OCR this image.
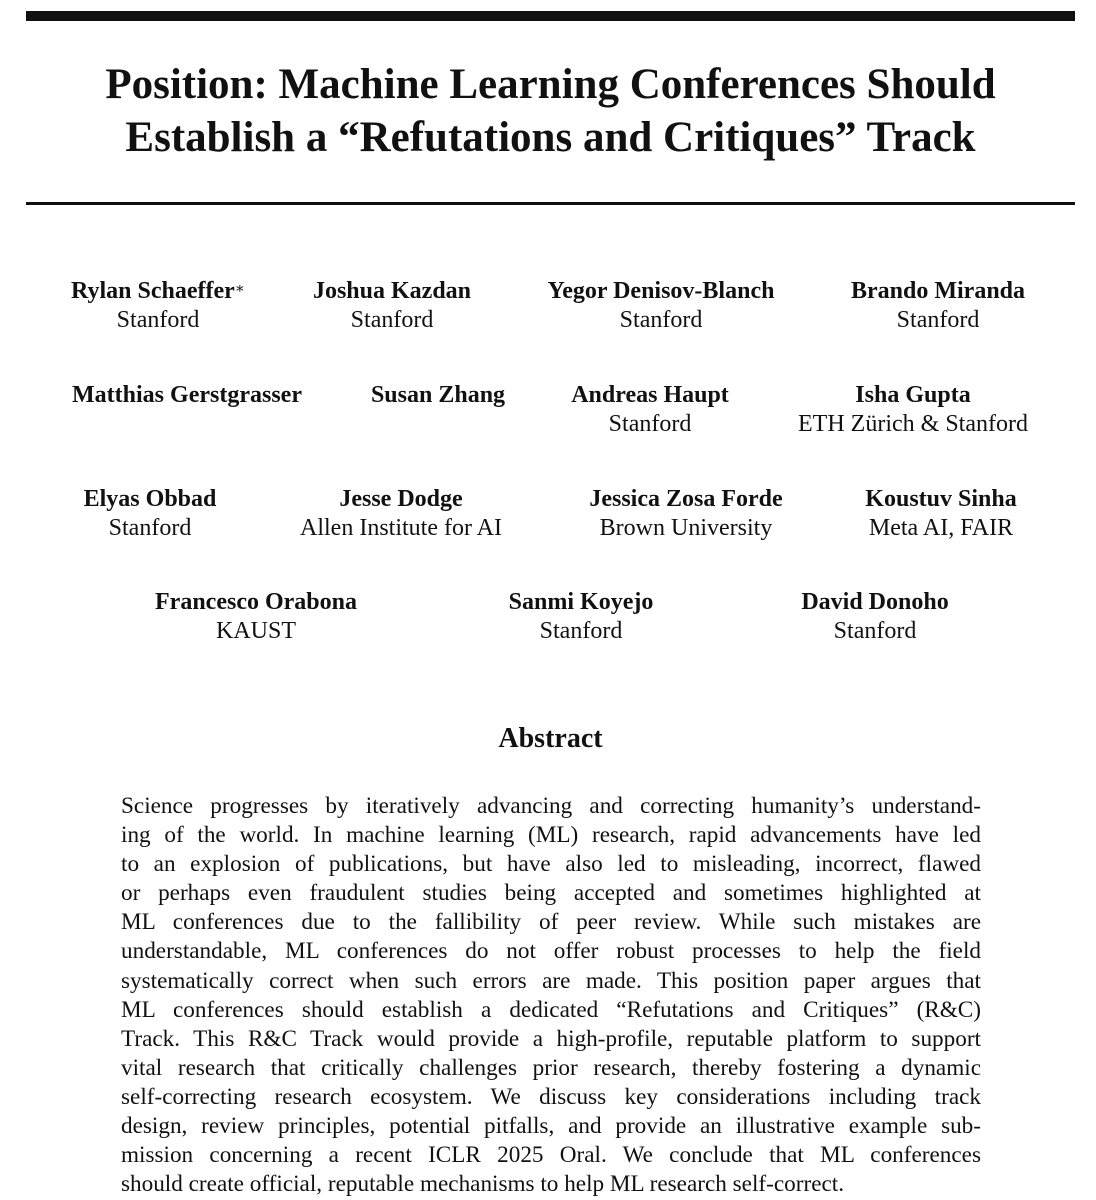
Position: Machine Learning Conferences Should
Establish a “Refutations and Critiques” Track
Rylan Schaeffer∗
Stanford
Joshua Kazdan
Stanford
Yegor Denisov-Blanch
Stanford
Brando Miranda
Stanford
Matthias Gerstgrasser	Susan Zhang	Andreas Haupt
Stanford
Isha Gupta
ETH Zürich & Stanford
Elyas Obbad
Stanford
Jesse Dodge
Allen Institute for AI
Jessica Zosa Forde
Brown University
Koustuv Sinha
Meta AI, FAIR
Francesco Orabona
KAUST
Sanmi Koyejo
Stanford
David Donoho
Stanford
Abstract
Science progresses by iteratively advancing and correcting humanity’s understand-
ing of the world. In machine learning (ML) research, rapid advancements have led
to an explosion of publications, but have also led to misleading, incorrect, flawed
or perhaps even fraudulent studies being accepted and sometimes highlighted at
ML conferences due to the fallibility of peer review. While such mistakes are
understandable, ML conferences do not offer robust processes to help the field
systematically correct when such errors are made. This position paper argues that
ML conferences should establish a dedicated “Refutations and Critiques” (R&C)
Track. This R&C Track would provide a high-profile, reputable platform to support
vital research that critically challenges prior research, thereby fostering a dynamic
self-correcting research ecosystem. We discuss key considerations including track
design, review principles, potential pitfalls, and provide an illustrative example sub-
mission concerning a recent ICLR 2025 Oral. We conclude that ML conferences
should create official, reputable mechanisms to help ML research self-correct.
